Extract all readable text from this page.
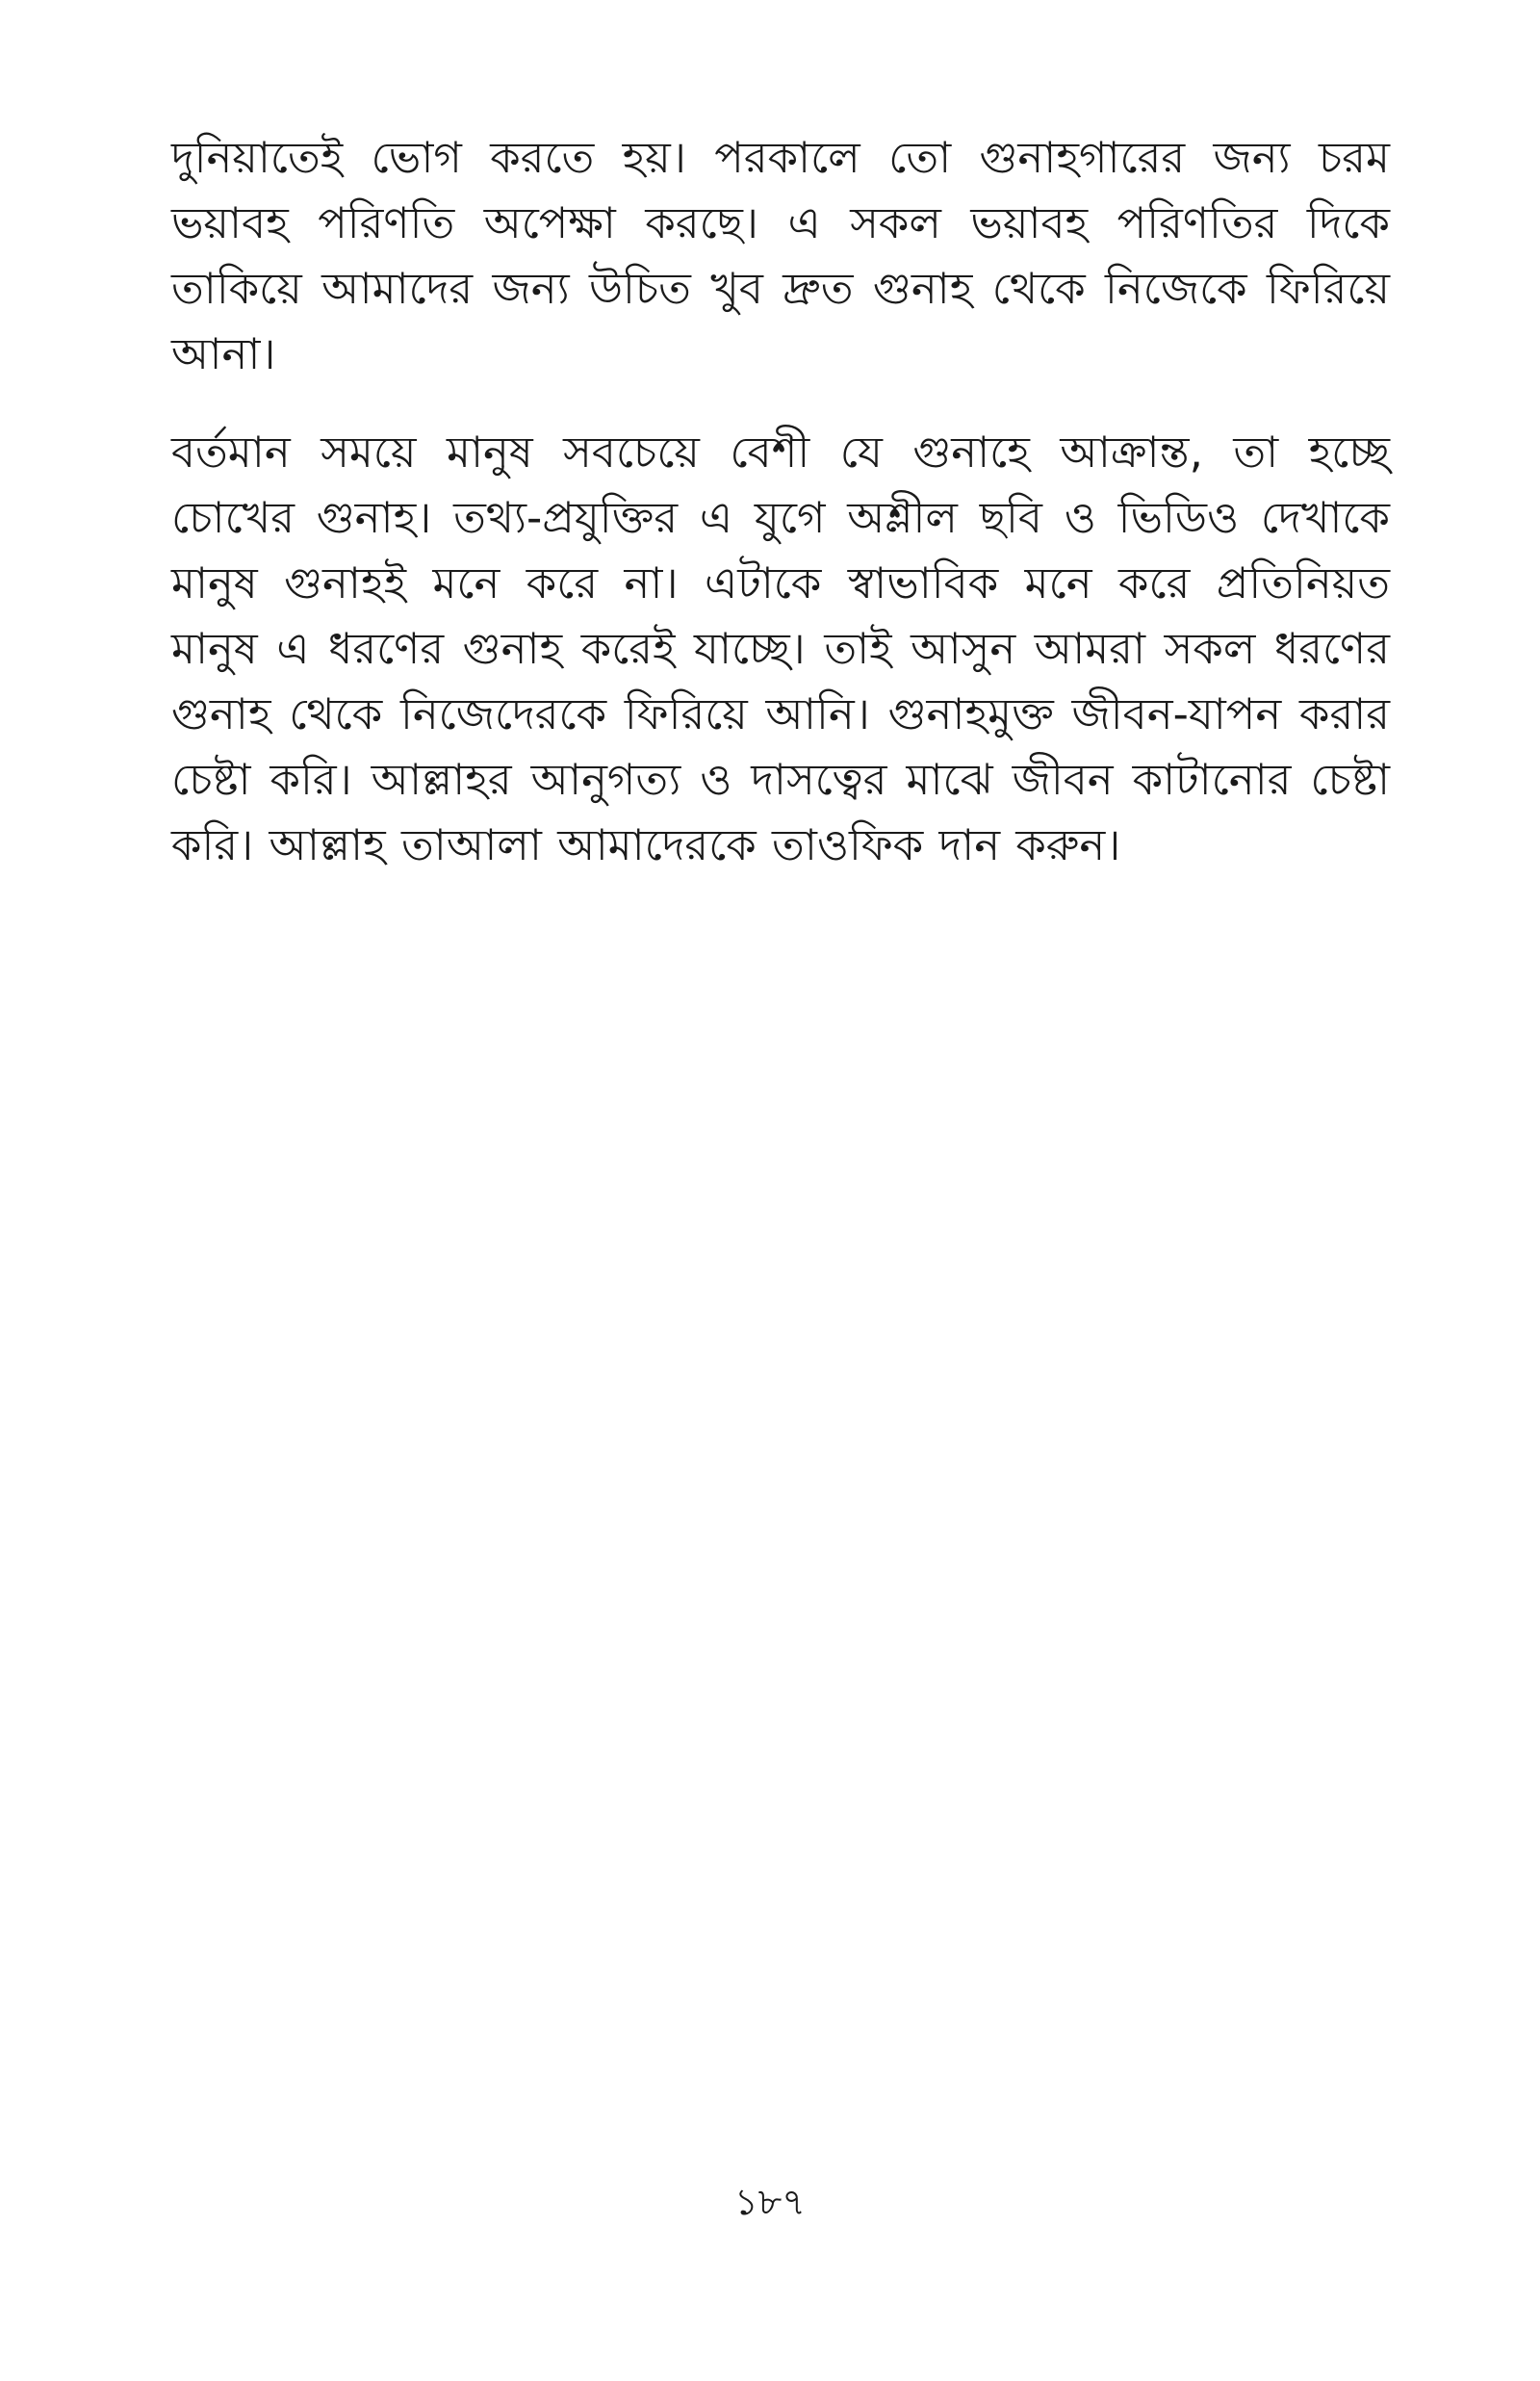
দুনিয়াতেই ভোগ করতে হয়। পরকালে তো গুনাহগারের জন্য চরম ভয়াবহ পরিণতি অপেক্ষা করছে। এ সকল ভয়াবহ পরিণতির দিকে তাকিয়ে আমাদের জন্য উচিত খুব দ্রুত গুনাহ থেকে নিজেকে ফিরিয়ে আনা।

বর্তমান সময়ে মানুষ সবচেয়ে বেশী যে গুনাহে আক্রান্ত, তা হচ্ছে চোখের গুনাহ। তথ্য-প্রযুক্তির এ যুগে অশ্লীল ছবি ও ভিডিও দেখাকে মানুষ গুনাহই মনে করে না। এটাকে স্বাভাবিক মনে করে প্রতিনিয়ত মানুষ এ ধরণের গুনাহ করেই যাচ্ছে। তাই আসুন আমরা সকল ধরণের গুনাহ থেকে নিজেদেরকে ফিরিয়ে আনি। গুনাহমুক্ত জীবন-যাপন করার চেষ্টা করি। আল্লাহর আনুগত্য ও দাসত্বের মাঝে জীবন কাটানোর চেষ্টা করি। আল্লাহ তাআলা আমাদেরকে তাওফিক দান করুন।

১৮৭
